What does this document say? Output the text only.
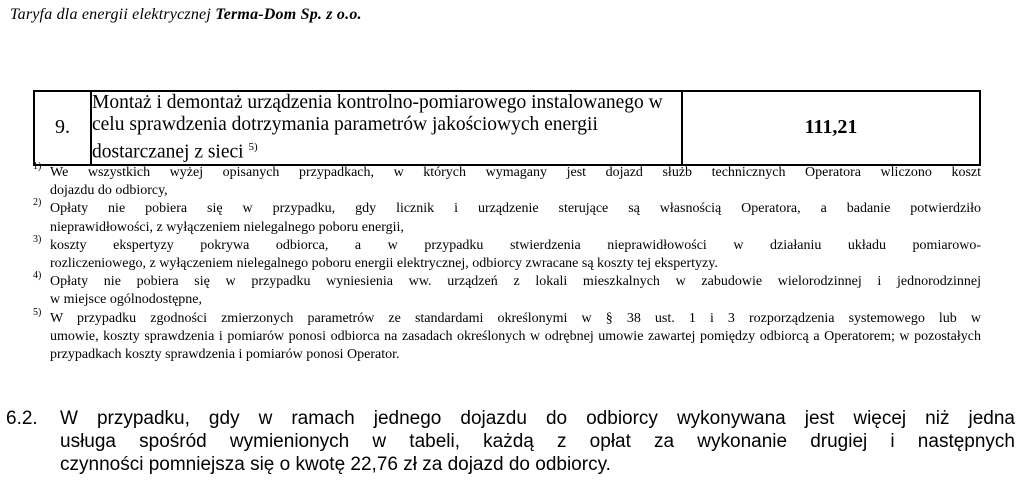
Taryfa dla energii elektrycznej Terma-Dom Sp. z o.o.
9.	Montaż i demontaż urządzenia kontrolno-pomiarowego instalowanego w celu sprawdzenia dotrzymania parametrów jakościowych energii dostarczanej z sieci $^{5)}$	111,21

1) We wszystkich wyżej opisanych przypadkach, w których wymagany jest dojazd służb technicznych Operatora wliczono koszt
dojazdu do odbiorcy,

2) Opłaty nie pobiera się w przypadku, gdy licznik i urządzenie sterujące są własnością Operatora, a badanie potwierdziło
nieprawidłowości, z wyłączeniem nielegalnego poboru energii,

3) koszty ekspertyzy pokrywa odbiorca, a w przypadku stwierdzenia nieprawidłowości w działaniu układu pomiarowo-
rozliczeniowego, z wyłączeniem nielegalnego poboru energii elektrycznej, odbiorcy zwracane są koszty tej ekspertyzy.

4) Opłaty nie pobiera się w przypadku wyniesienia ww. urządzeń z lokali mieszkalnych w zabudowie wielorodzinnej i jednorodzinnej
w miejsce ogólnodostępne,

5) W przypadku zgodności zmierzonych parametrów ze standardami określonymi w § 38 ust. 1 i 3 rozporządzenia systemowego lub w
umowie, koszty sprawdzenia i pomiarów ponosi odbiorca na zasadach określonych w odrębnej umowie zawartej pomiędzy odbiorcą a Operatorem; w pozostałych przypadkach koszty sprawdzenia i pomiarów ponosi Operator.

6.2. W przypadku, gdy w ramach jednego dojazdu do odbiorcy wykonywana jest więcej niż jedna
usługa spośród wymienionych w tabeli, każdą z opłat za wykonanie drugiej i następnych
czynności pomniejsza się o kwotę 22,76 zł za dojazd do odbiorcy.
